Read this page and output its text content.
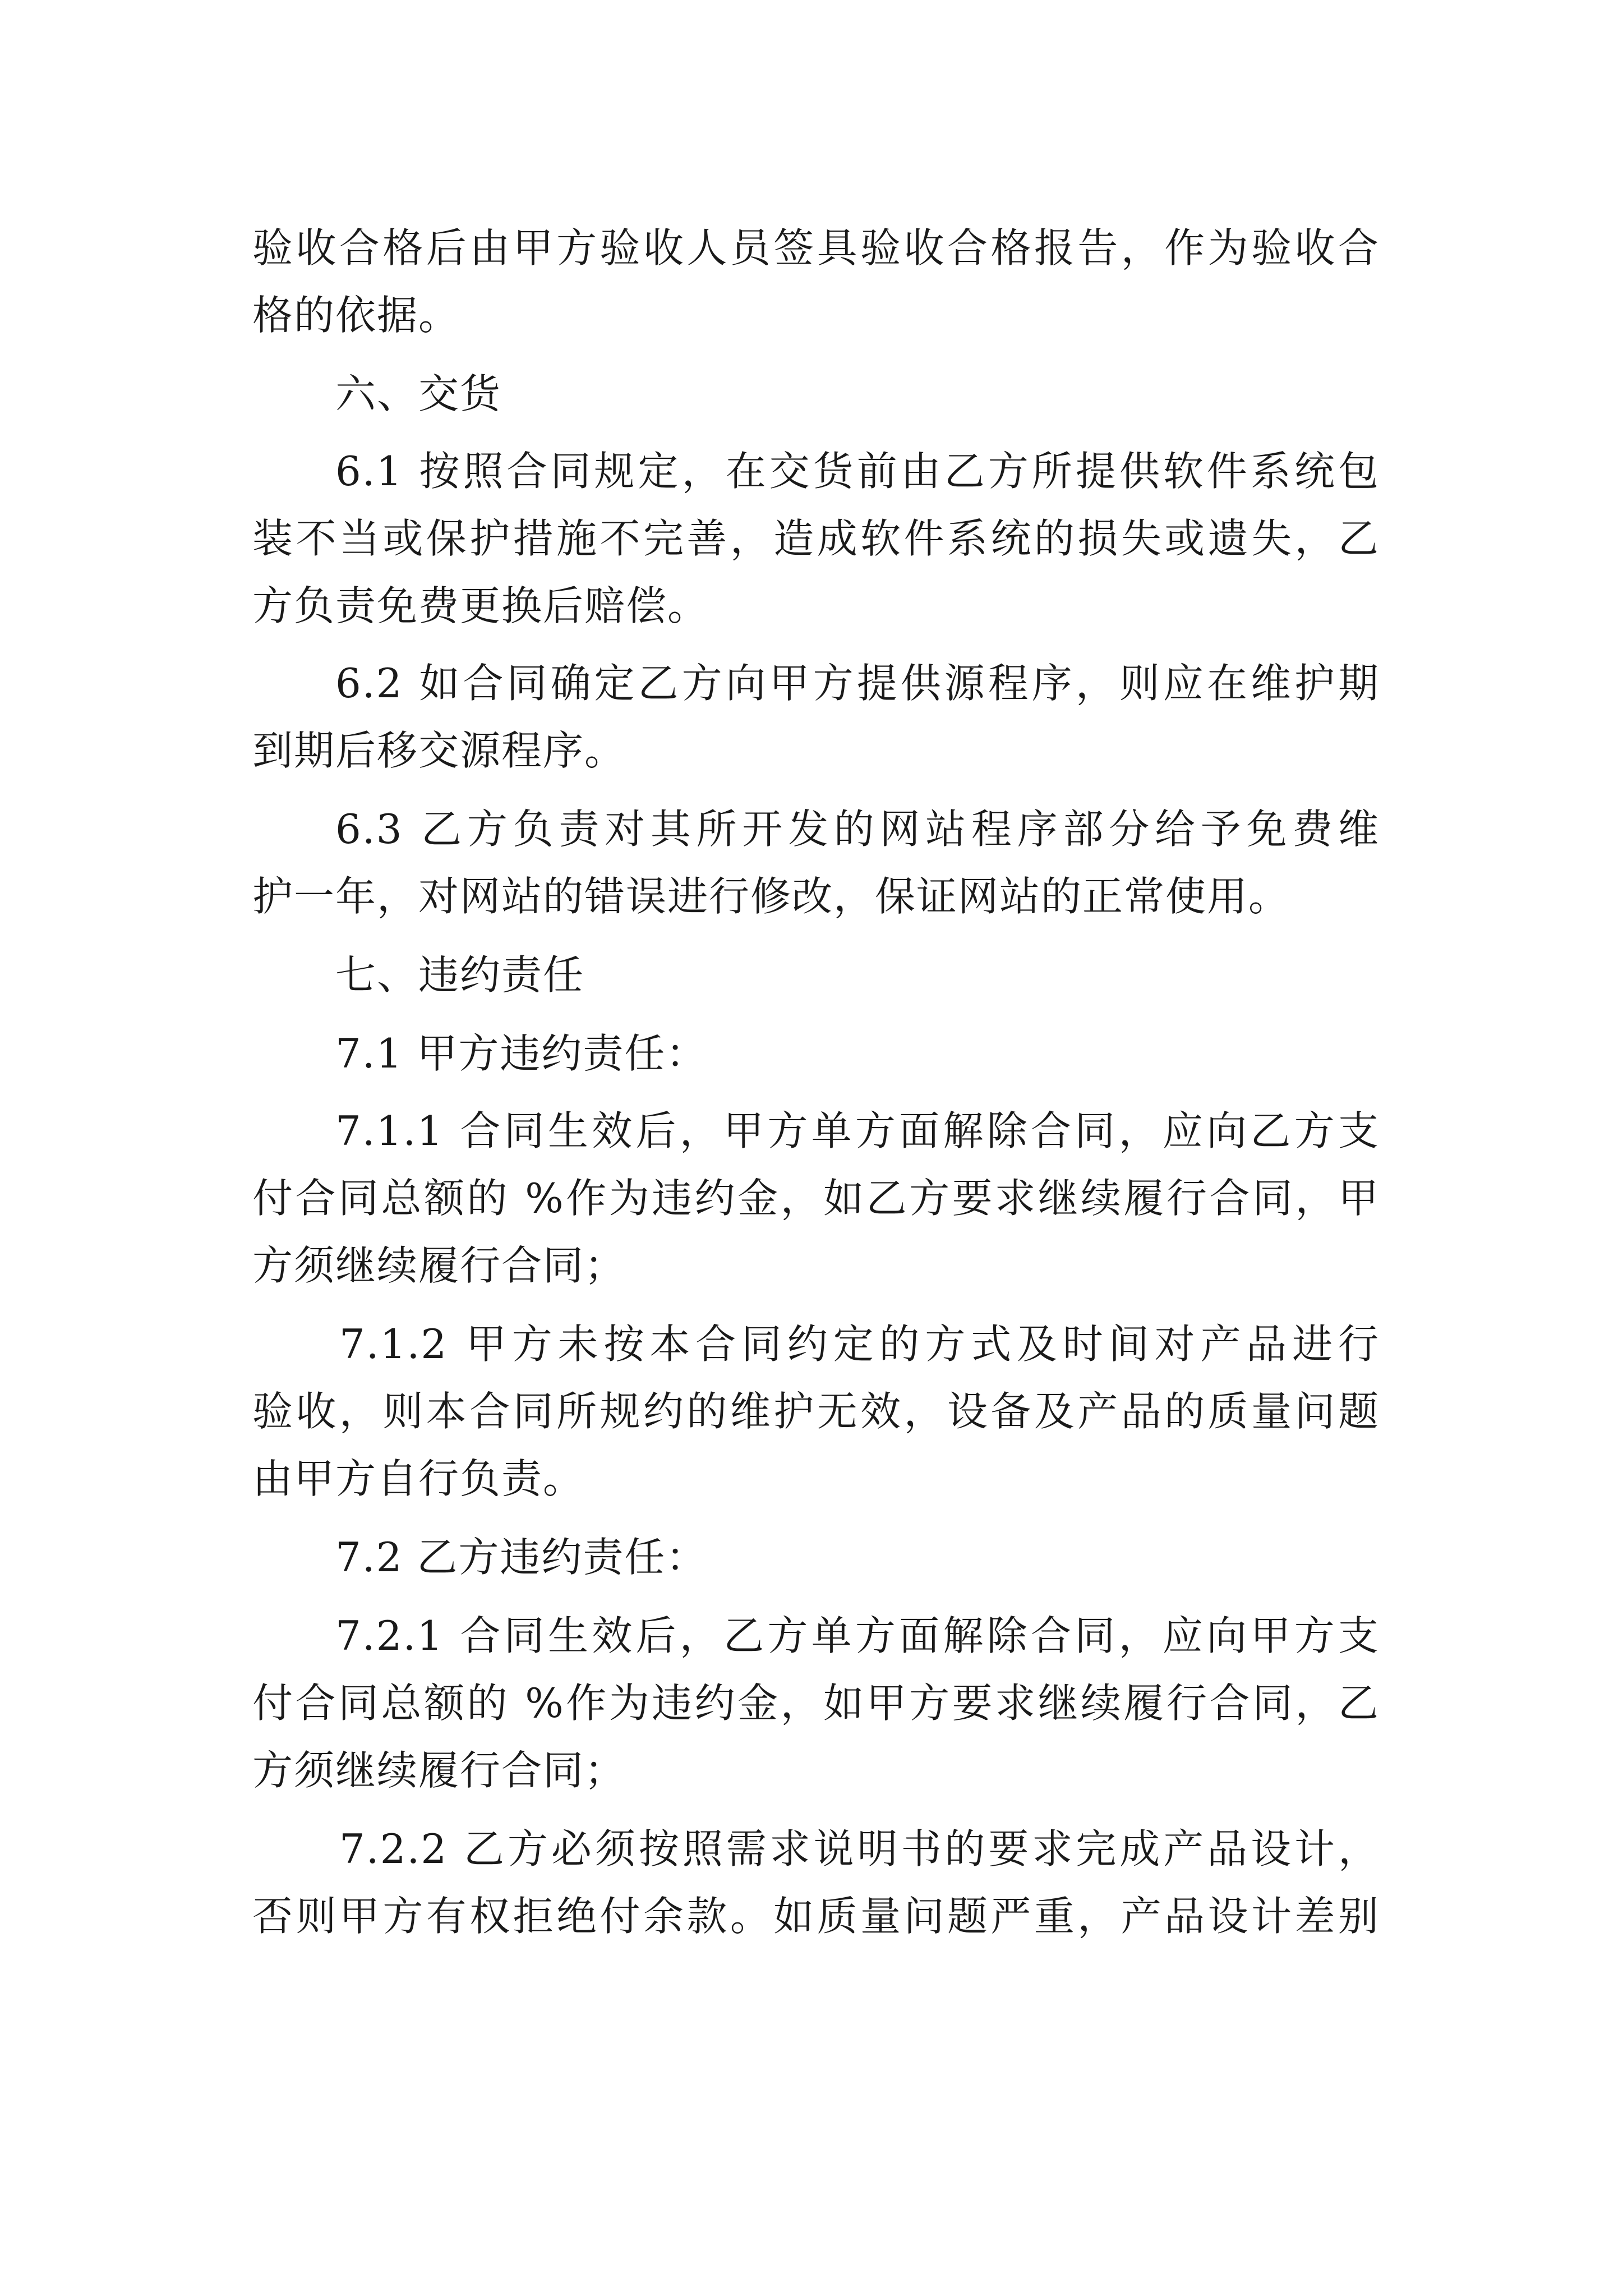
验收合格后由甲方验收人员签具验收合格报告，作为验收合
格的依据。
六、交货
6.1 按照合同规定，在交货前由乙方所提供软件系统包
装不当或保护措施不完善，造成软件系统的损失或遗失，乙
方负责免费更换后赔偿。
6.2 如合同确定乙方向甲方提供源程序，则应在维护期
到期后移交源程序。
6.3 乙方负责对其所开发的网站程序部分给予免费维
护一年，对网站的错误进行修改，保证网站的正常使用。
七、违约责任
7.1 甲方违约责任：
7.1.1 合同生效后，甲方单方面解除合同，应向乙方支
付合同总额的 %作为违约金，如乙方要求继续履行合同，甲
方须继续履行合同；
7.1.2 甲方未按本合同约定的方式及时间对产品进行
验收，则本合同所规约的维护无效，设备及产品的质量问题
由甲方自行负责。
7.2 乙方违约责任：
7.2.1 合同生效后，乙方单方面解除合同，应向甲方支
付合同总额的 %作为违约金，如甲方要求继续履行合同，乙
方须继续履行合同；
7.2.2 乙方必须按照需求说明书的要求完成产品设计，
否则甲方有权拒绝付余款。如质量问题严重，产品设计差别
